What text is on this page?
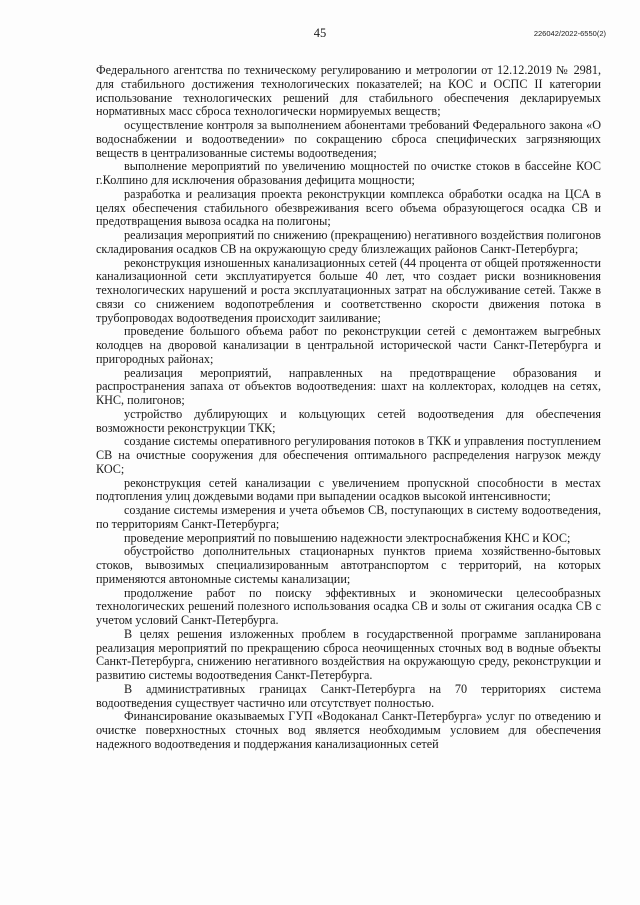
45	226042/2022-6550(2)

Федерального агентства по техническому регулированию и метрологии от 12.12.2019 № 2981, для стабильного достижения технологических показателей; на КОС и ОСПС II категории использование технологических решений для стабильного обеспечения декларируемых нормативных масс сброса технологически нормируемых веществ;

осуществление контроля за выполнением абонентами требований Федерального закона «О водоснабжении и водоотведении» по сокращению сброса специфических загрязняющих веществ в централизованные системы водоотведения;

выполнение мероприятий по увеличению мощностей по очистке стоков в бассейне КОС г.Колпино для исключения образования дефицита мощности;

разработка и реализация проекта реконструкции комплекса обработки осадка на ЦСА в целях обеспечения стабильного обезвреживания всего объема образующегося осадка СВ и предотвращения вывоза осадка на полигоны;

реализация мероприятий по снижению (прекращению) негативного воздействия полигонов складирования осадков СВ на окружающую среду близлежащих районов Санкт-Петербурга;

реконструкция изношенных канализационных сетей (44 процента от общей протяженности канализационной сети эксплуатируется больше 40 лет, что создает риски возникновения технологических нарушений и роста эксплуатационных затрат на обслуживание сетей. Также в связи со снижением водопотребления и соответственно скорости движения потока в трубопроводах водоотведения происходит заиливание;

проведение большого объема работ по реконструкции сетей с демонтажем выгребных колодцев на дворовой канализации в центральной исторической части Санкт-Петербурга и пригородных районах;

реализация мероприятий, направленных на предотвращение образования и распространения запаха от объектов водоотведения: шахт на коллекторах, колодцев на сетях, КНС, полигонов;

устройство дублирующих и кольцующих сетей водоотведения для обеспечения возможности реконструкции ТКК;

создание системы оперативного регулирования потоков в ТКК и управления поступлением СВ на очистные сооружения для обеспечения оптимального распределения нагрузок между КОС;

реконструкция сетей канализации с увеличением пропускной способности в местах подтопления улиц дождевыми водами при выпадении осадков высокой интенсивности;

создание системы измерения и учета объемов СВ, поступающих в систему водоотведения, по территориям Санкт-Петербурга;

проведение мероприятий по повышению надежности электроснабжения КНС и КОС;

обустройство дополнительных стационарных пунктов приема хозяйственно-бытовых стоков, вывозимых специализированным автотранспортом с территорий, на которых применяются автономные системы канализации;

продолжение работ по поиску эффективных и экономически целесообразных технологических решений полезного использования осадка СВ и золы от сжигания осадка СВ с учетом условий Санкт-Петербурга.

В целях решения изложенных проблем в государственной программе запланирована реализация мероприятий по прекращению сброса неочищенных сточных вод в водные объекты Санкт-Петербурга, снижению негативного воздействия на окружающую среду, реконструкции и развитию системы водоотведения Санкт-Петербурга.

В административных границах Санкт-Петербурга на 70 территориях система водоотведения существует частично или отсутствует полностью.

Финансирование оказываемых ГУП «Водоканал Санкт-Петербурга» услуг по отведению и очистке поверхностных сточных вод является необходимым условием для обеспечения надежного водоотведения и поддержания канализационных сетей
